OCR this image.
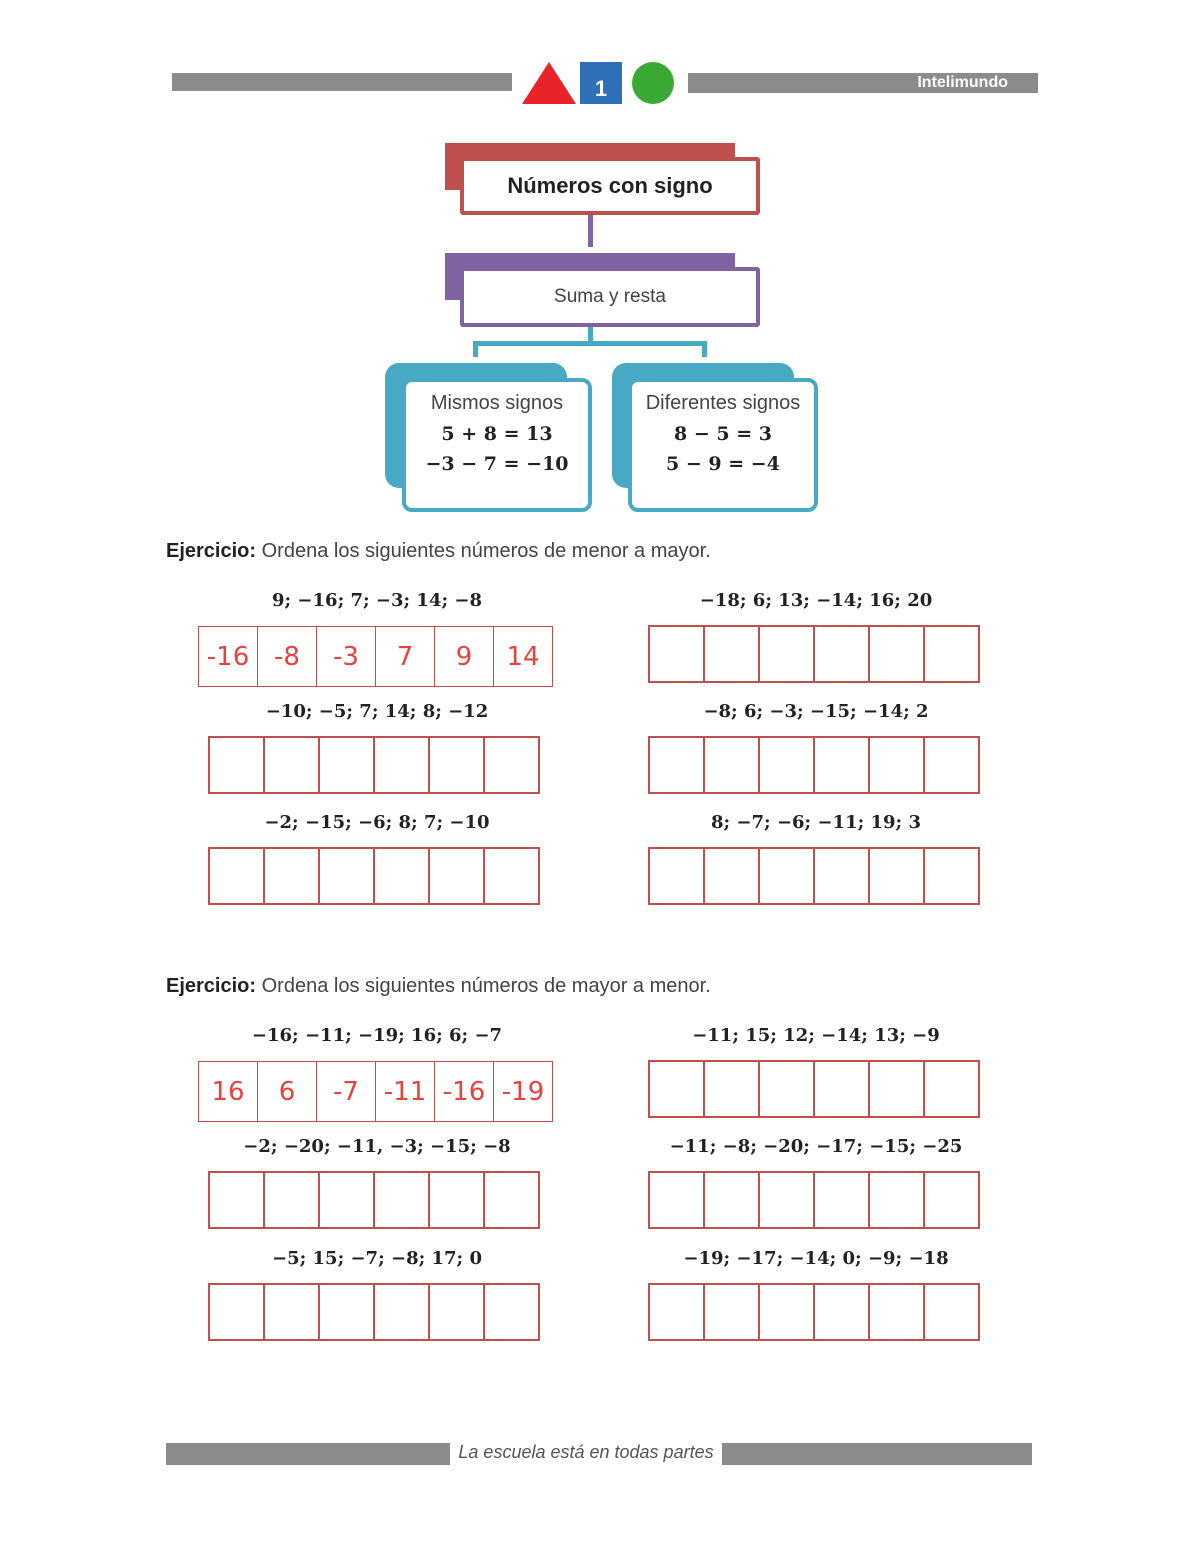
1	Intelimundo
Números con signo
Suma y resta
Mismos signos
5 + 8 = 13
−3 − 7 = −10
Diferentes signos
8 − 5 = 3
5 − 9 = −4
Ejercicio: Ordena los siguientes números de menor a mayor.
9; −16; 7; −3; 14; −8
-16 -8	-3	7	9	14
−18; 6; 13; −14; 16; 20
−10; −5; 7; 14; 8; −12	−8; 6; −3; −15; −14; 2
−2; −15; −6; 8; 7; −10	8; −7; −6; −11; 19; 3
Ejercicio: Ordena los siguientes números de mayor a menor.
−16; −11; −19; 16; 6; −7
16	6	-7 -11 -16 -19
−11; 15; 12; −14; 13; −9
−2; −20; −11, −3; −15; −8	−11; −8; −20; −17; −15; −25
−5; 15; −7; −8; 17; 0	−19; −17; −14; 0; −9; −18
La escuela está en todas partes
